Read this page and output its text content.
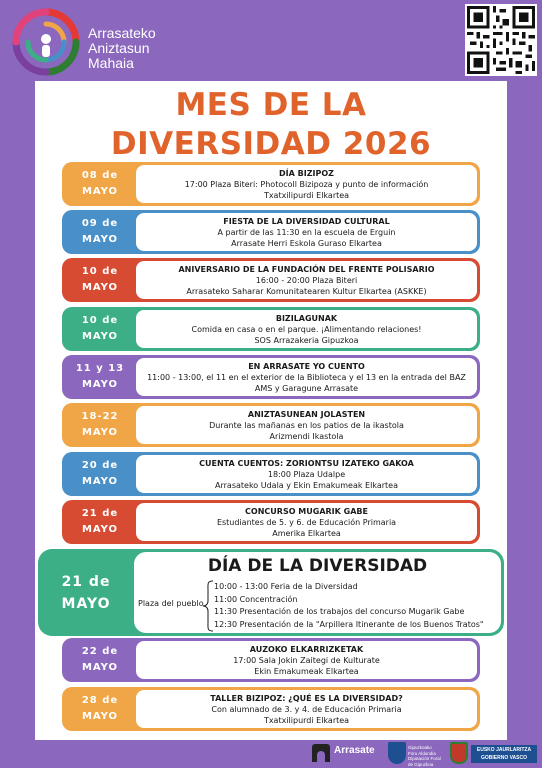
Arrasateko
Aniztasun
Mahaia
MES DE LA
DIVERSIDAD 2026
08 de
MAYO
DÍA BIZIPOZ
17:00 Plaza Biteri: Photocoll Bizipoza y punto de información
Txatxilipurdi Elkartea
09 de
MAYO
FIESTA DE LA DIVERSIDAD CULTURAL
A partir de las 11:30 en la escuela de Erguin
Arrasate Herri Eskola Guraso Elkartea
10 de
MAYO
ANIVERSARIO DE LA FUNDACIÓN DEL FRENTE POLISARIO
16:00 - 20:00 Plaza Biteri
Arrasateko Saharar Komunitatearen Kultur Elkartea (ASKKE)
10 de
MAYO
BIZILAGUNAK
Comida en casa o en el parque. ¡Alimentando relaciones!
SOS Arrazakeria Gipuzkoa
11 y 13
MAYO
EN ARRASATE YO CUENTO
11:00 - 13:00, el 11 en el exterior de la Biblioteca y el 13 en la entrada del BAZ
AMS y Garagune Arrasate
18-22
MAYO
ANIZTASUNEAN JOLASTEN
Durante las mañanas en los patios de la ikastola
Arizmendi Ikastola
20 de
MAYO
CUENTA CUENTOS: ZORIONTSU IZATEKO GAKOA
18:00 Plaza Udalpe
Arrasateko Udala y Ekin Emakumeak Elkartea
21 de
MAYO
CONCURSO MUGARIK GABE
Estudiantes de 5. y 6. de Educación Primaria
Amerika Elkartea
21 de
MAYO
DÍA DE LA DIVERSIDAD
Plaza del pueblo
10:00 - 13:00 Feria de la Diversidad
11:00 Concentración
11:30 Presentación de los trabajos del concurso Mugarik Gabe
12:30 Presentación de la "Arpillera Itinerante de los Buenos Tratos"
22 de
MAYO
AUZOKO ELKARRIZKETAK
17:00 Sala Jokin Zaitegi de Kulturate
Ekin Emakumeak Elkartea
28 de
MAYO
TALLER BIZIPOZ: ¿QUÉ ES LA DIVERSIDAD?
Con alumnado de 3. y 4. de Educación Primaria
Txatxilipurdi Elkartea
Arrasate	Gipuzkoako
Foru Aldundia
Diputación Foral
de Gipuzkoa
EUSKO JAURLARITZA
GOBIERNO VASCO
